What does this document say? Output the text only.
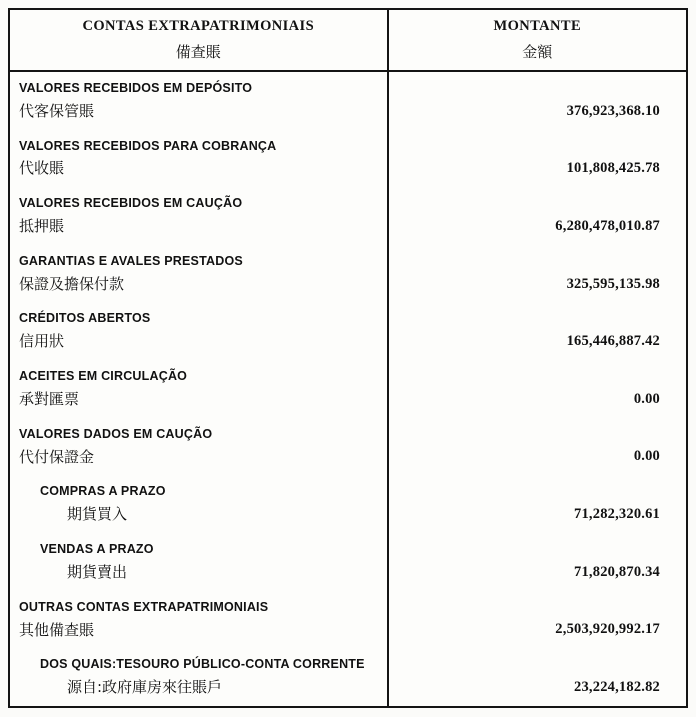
CONTAS EXTRAPATRIMONIAIS
備查賬
MONTANTE
金額
VALORES RECEBIDOS EM DEPÓSITO
代客保管賬	376,923,368.10
VALORES RECEBIDOS PARA COBRANÇA
代收賬	101,808,425.78
VALORES RECEBIDOS EM CAUÇÃO
抵押賬	6,280,478,010.87
GARANTIAS E AVALES PRESTADOS
保證及擔保付款	325,595,135.98
CRÉDITOS ABERTOS
信用狀	165,446,887.42
ACEITES EM CIRCULAÇÃO
承對匯票	0.00
VALORES DADOS EM CAUÇÃO
代付保證金	0.00
COMPRAS A PRAZO
期貨買入	71,282,320.61
VENDAS A PRAZO
期貨賣出	71,820,870.34
OUTRAS CONTAS EXTRAPATRIMONIAIS
其他備查賬	2,503,920,992.17
DOS QUAIS:TESOURO PÚBLICO-CONTA CORRENTE
源自:政府庫房來往賬戶	23,224,182.82
